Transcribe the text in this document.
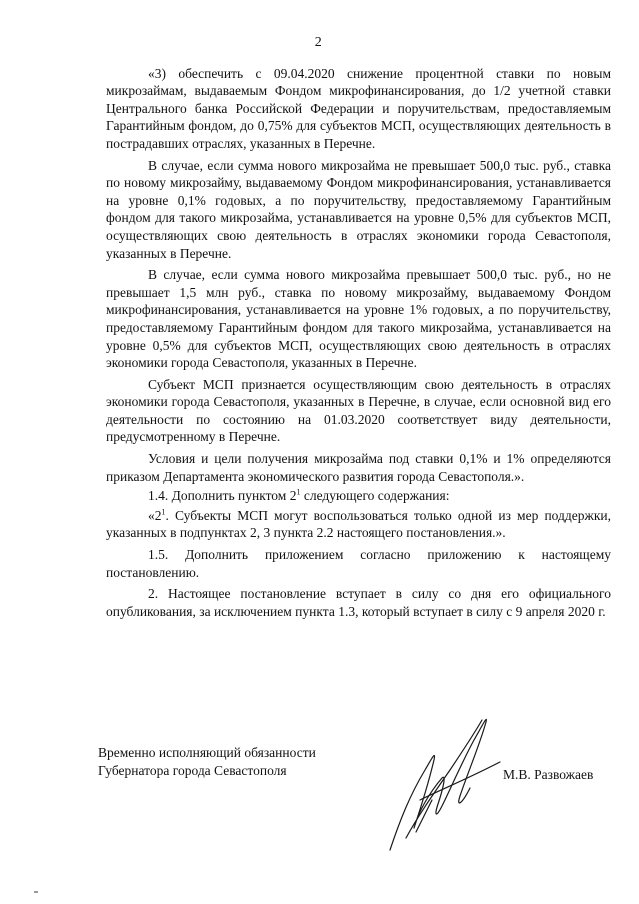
2

«3) обеспечить с 09.04.2020 снижение процентной ставки по новым микрозаймам, выдаваемым Фондом микрофинансирования, до 1/2 учетной ставки Центрального банка Российской Федерации и поручительствам, предоставляемым Гарантийным фондом, до 0,75% для субъектов МСП, осуществляющих деятельность в пострадавших отраслях, указанных в Перечне.

В случае, если сумма нового микрозайма не превышает 500,0 тыс. руб., ставка по новому микрозайму, выдаваемому Фондом микрофинансирования, устанавливается на уровне 0,1% годовых, а по поручительству, предоставляемому Гарантийным фондом для такого микрозайма, устанавливается на уровне 0,5% для субъектов МСП, осуществляющих свою деятельность в отраслях экономики города Севастополя, указанных в Перечне.

В случае, если сумма нового микрозайма превышает 500,0 тыс. руб., но не превышает 1,5 млн руб., ставка по новому микрозайму, выдаваемому Фондом микрофинансирования, устанавливается на уровне 1% годовых, а по поручительству, предоставляемому Гарантийным фондом для такого микрозайма, устанавливается на уровне 0,5% для субъектов МСП, осуществляющих свою деятельность в отраслях экономики города Севастополя, указанных в Перечне.

Субъект МСП признается осуществляющим свою деятельность в отраслях экономики города Севастополя, указанных в Перечне, в случае, если основной вид его деятельности по состоянию на 01.03.2020 соответствует виду деятельности, предусмотренному в Перечне.

Условия и цели получения микрозайма под ставки 0,1% и 1% определяются приказом Департамента экономического развития города Севастополя.».

1.4. Дополнить пунктом $2^1$ следующего содержания:

«$2^1$. Субъекты МСП могут воспользоваться только одной из мер поддержки, указанных в подпунктах 2, 3 пункта 2.2 настоящего постановления.».

1.5. Дополнить приложением согласно приложению к настоящему постановлению.

2. Настоящее постановление вступает в силу со дня его официального опубликования, за исключением пункта 1.3, который вступает в силу с 9 апреля 2020 г.

Временно исполняющий обязанности
Губернатора города Севастополя	М.В. Развожаев
